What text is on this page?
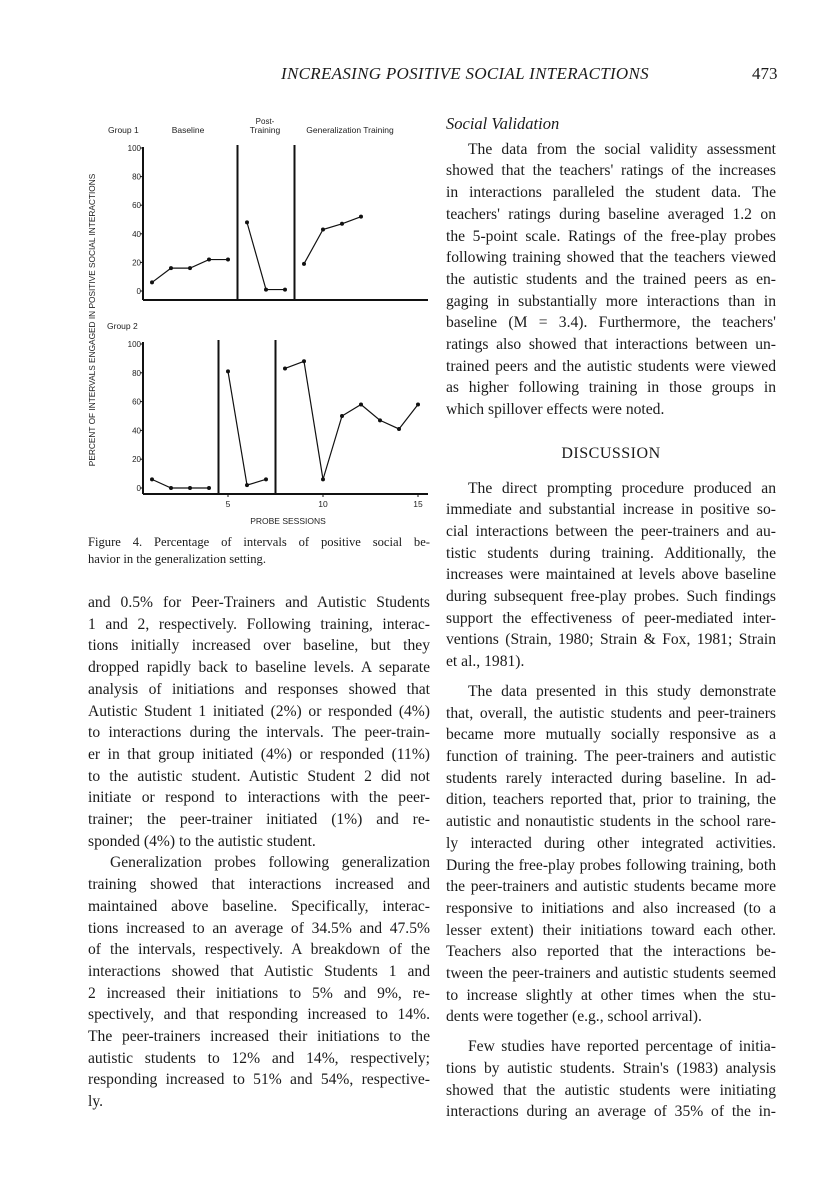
INCREASING POSITIVE SOCIAL INTERACTIONS	473
0
20
40
60
80
100
Group 1
0
20
40
60
80
100
Group 2
Baseline
Post-
Training	Generalization Training
5	10	15
PROBE SESSIONS
PERCENT OF INTERVALS ENGAGED IN POSITIVE SOCIAL INTERACTIONS
Figure 4. Percentage of intervals of positive social be-
havior in the generalization setting.
and 0.5% for Peer-Trainers and Autistic Students
1 and 2, respectively. Following training, interac-
tions initially increased over baseline, but they
dropped rapidly back to baseline levels. A separate
analysis of initiations and responses showed that
Autistic Student 1 initiated (2%) or responded (4%)
to interactions during the intervals. The peer-train-
er in that group initiated (4%) or responded (11%)
to the autistic student. Autistic Student 2 did not
initiate or respond to interactions with the peer-
trainer; the peer-trainer initiated (1%) and re-
sponded (4%) to the autistic student.
Generalization probes following generalization
training showed that interactions increased and
maintained above baseline. Specifically, interac-
tions increased to an average of 34.5% and 47.5%
of the intervals, respectively. A breakdown of the
interactions showed that Autistic Students 1 and
2 increased their initiations to 5% and 9%, re-
spectively, and that responding increased to 14%.
The peer-trainers increased their initiations to the
autistic students to 12% and 14%, respectively;
responding increased to 51% and 54%, respective-
ly.
Social Validation
The data from the social validity assessment
showed that the teachers' ratings of the increases
in interactions paralleled the student data. The
teachers' ratings during baseline averaged 1.2 on
the 5-point scale. Ratings of the free-play probes
following training showed that the teachers viewed
the autistic students and the trained peers as en-
gaging in substantially more interactions than in
baseline (M = 3.4). Furthermore, the teachers'
ratings also showed that interactions between un-
trained peers and the autistic students were viewed
as higher following training in those groups in
which spillover effects were noted.
DISCUSSION
The direct prompting procedure produced an
immediate and substantial increase in positive so-
cial interactions between the peer-trainers and au-
tistic students during training. Additionally, the
increases were maintained at levels above baseline
during subsequent free-play probes. Such findings
support the effectiveness of peer-mediated inter-
ventions (Strain, 1980; Strain & Fox, 1981; Strain
et al., 1981).
The data presented in this study demonstrate
that, overall, the autistic students and peer-trainers
became more mutually socially responsive as a
function of training. The peer-trainers and autistic
students rarely interacted during baseline. In ad-
dition, teachers reported that, prior to training, the
autistic and nonautistic students in the school rare-
ly interacted during other integrated activities.
During the free-play probes following training, both
the peer-trainers and autistic students became more
responsive to initiations and also increased (to a
lesser extent) their initiations toward each other.
Teachers also reported that the interactions be-
tween the peer-trainers and autistic students seemed
to increase slightly at other times when the stu-
dents were together (e.g., school arrival).
Few studies have reported percentage of initia-
tions by autistic students. Strain's (1983) analysis
showed that the autistic students were initiating
interactions during an average of 35% of the in-
